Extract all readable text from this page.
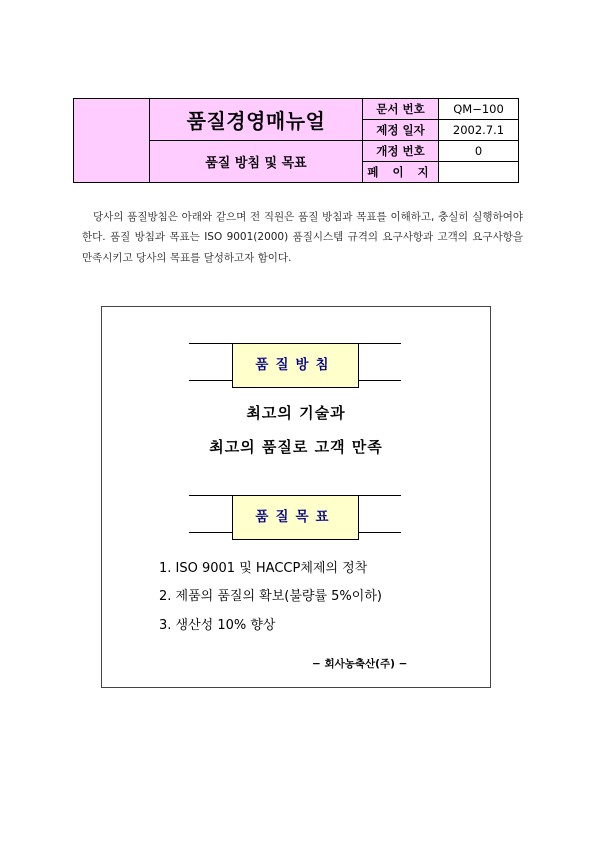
	품질경영매뉴얼	문서 번호	QM−100
		제정 일자	2002.7.1
	품질 방침 및 목표	개정 번호	0
		페 이 지	

당사의 품질방침은 아래와 같으며 전 직원은 품질 방침과 목표를 이해하고, 충실히 실행하여야 한다. 품질 방침과 목표는 ISO 9001(2000) 품질시스템 규격의 요구사항과 고객의 요구사항을 만족시키고 당사의 목표를 달성하고자 함이다.

품질방침
최고의 기술과
최고의 품질로 고객 만족
품질목표
1. ISO 9001 및 HACCP체제의 정착
2. 제품의 품질의 확보(불량률 5%이하)
3. 생산성 10% 향상
− 회사농축산(주) −
